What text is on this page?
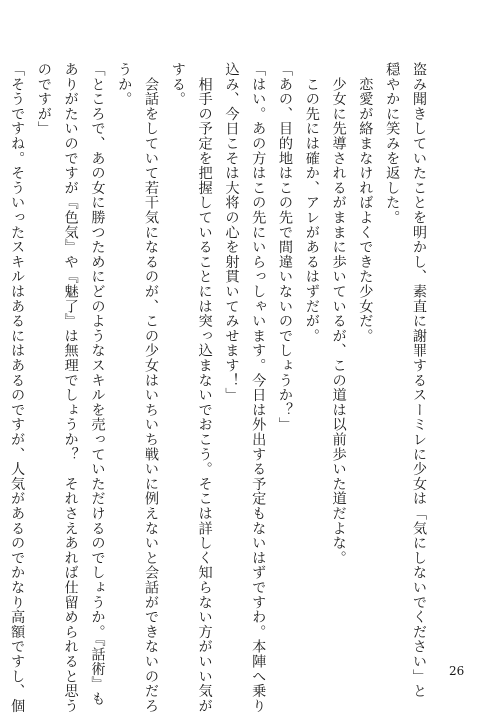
盗み聞きしていたことを明かし、素直に謝罪するスーミレに少女は「気にしないでください」と
穏やかに笑みを返した。
　恋愛が絡まなければよくできた少女だ。
　少女に先導されるがままに歩いているが、この道は以前歩いた道だよな。
　この先には確か、アレがあるはずだが。
「あの、目的地はこの先で間違いないのでしょうか？」
「はい。あの方はこの先にいらっしゃいます。今日は外出する予定もないはずですわ。本陣へ乗り
込み、今日こそは大将の心を射貫いてみせます！」
　相手の予定を把握していることには突っ込まないでおこう。そこは詳しく知らない方がいい気が
する。
　会話をしていて若干気になるのが、この少女はいちいち戦いに例えないと会話ができないのだろ
うか。
「ところで、あの女に勝つためにどのようなスキルを売っていただけるのでしょうか。『話術』も
ありがたいのですが『色気』や『魅了』は無理でしょうか？　それさえあれば仕留められると思う
のですが」
「そうですね。そういったスキルはあるにはあるのですが、人気があるのでかなり高額ですし、個	26
